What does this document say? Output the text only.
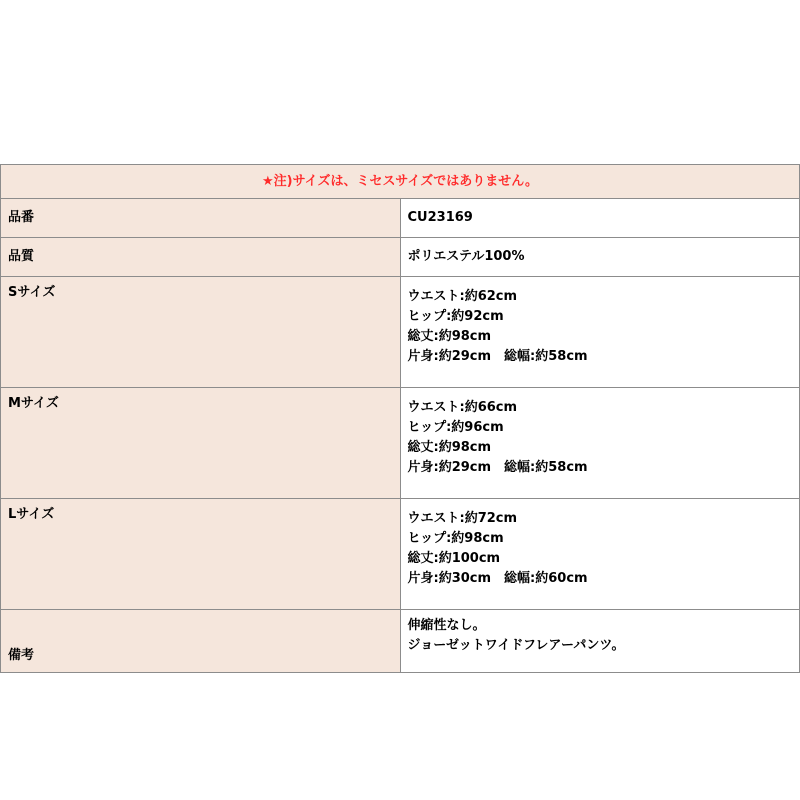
★注)サイズは、ミセスサイズではありません。	
品番	CU23169

品質	ポリエステル100%

Sサイズ	ウエスト:約62cm
ヒップ:約92cm
総丈:約98cm
片身:約29cm　総幅:約58cm

Mサイズ	ウエスト:約66cm
ヒップ:約96cm
総丈:約98cm
片身:約29cm　総幅:約58cm

Lサイズ	ウエスト:約72cm
ヒップ:約98cm
総丈:約100cm
片身:約30cm　総幅:約60cm

備考	伸縮性なし。
ジョーゼットワイドフレアーパンツ。
